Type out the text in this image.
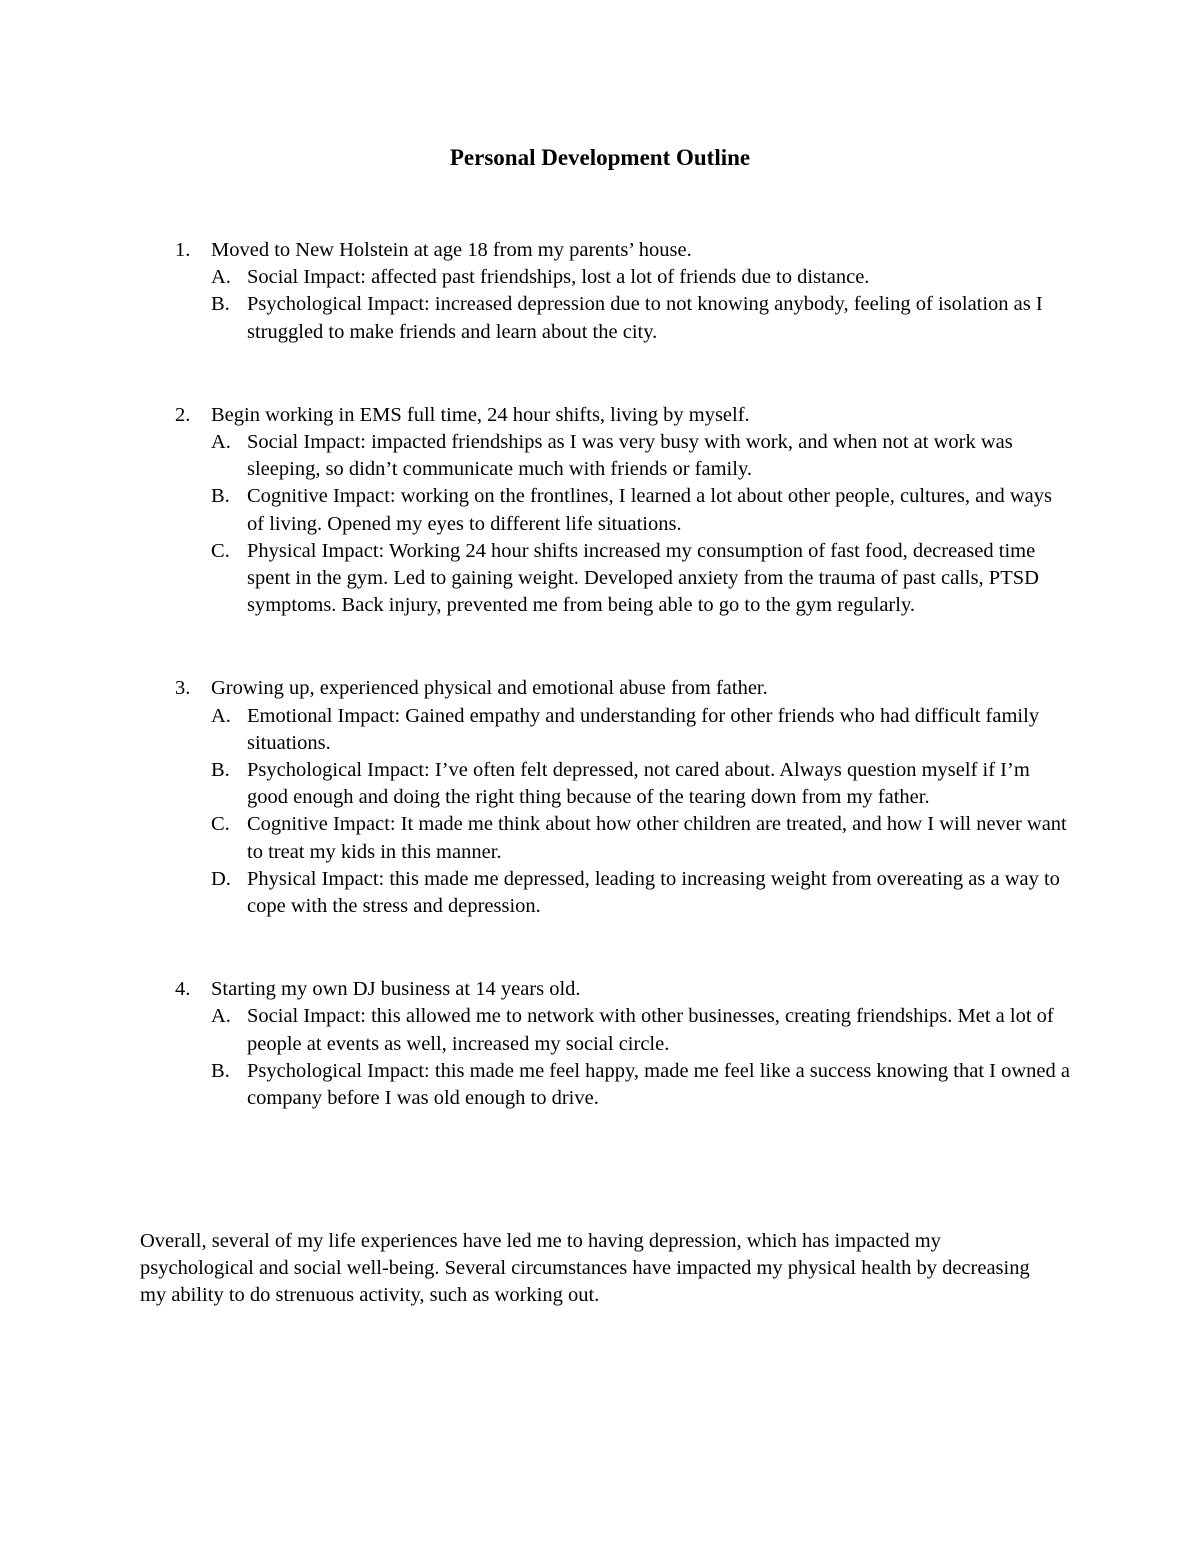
Personal Development Outline
1. Moved to New Holstein at age 18 from my parents’ house.
A. Social Impact: affected past friendships, lost a lot of friends due to distance.
B. Psychological Impact: increased depression due to not knowing anybody, feeling of isolation as I struggled to make friends and learn about the city.
2. Begin working in EMS full time, 24 hour shifts, living by myself.
A. Social Impact: impacted friendships as I was very busy with work, and when not at work was sleeping, so didn’t communicate much with friends or family.
B. Cognitive Impact: working on the frontlines, I learned a lot about other people, cultures, and ways of living. Opened my eyes to different life situations.
C. Physical Impact: Working 24 hour shifts increased my consumption of fast food, decreased time spent in the gym. Led to gaining weight. Developed anxiety from the trauma of past calls, PTSD symptoms. Back injury, prevented me from being able to go to the gym regularly.
3. Growing up, experienced physical and emotional abuse from father.
A. Emotional Impact: Gained empathy and understanding for other friends who had difficult family situations.
B. Psychological Impact: I’ve often felt depressed, not cared about. Always question myself if I’m good enough and doing the right thing because of the tearing down from my father.
C. Cognitive Impact: It made me think about how other children are treated, and how I will never want to treat my kids in this manner.
D. Physical Impact: this made me depressed, leading to increasing weight from overeating as a way to cope with the stress and depression.
4. Starting my own DJ business at 14 years old.
A. Social Impact: this allowed me to network with other businesses, creating friendships. Met a lot of people at events as well, increased my social circle.
B. Psychological Impact: this made me feel happy, made me feel like a success knowing that I owned a company before I was old enough to drive.

Overall, several of my life experiences have led me to having depression, which has impacted my psychological and social well-being. Several circumstances have impacted my physical health by decreasing my ability to do strenuous activity, such as working out.
